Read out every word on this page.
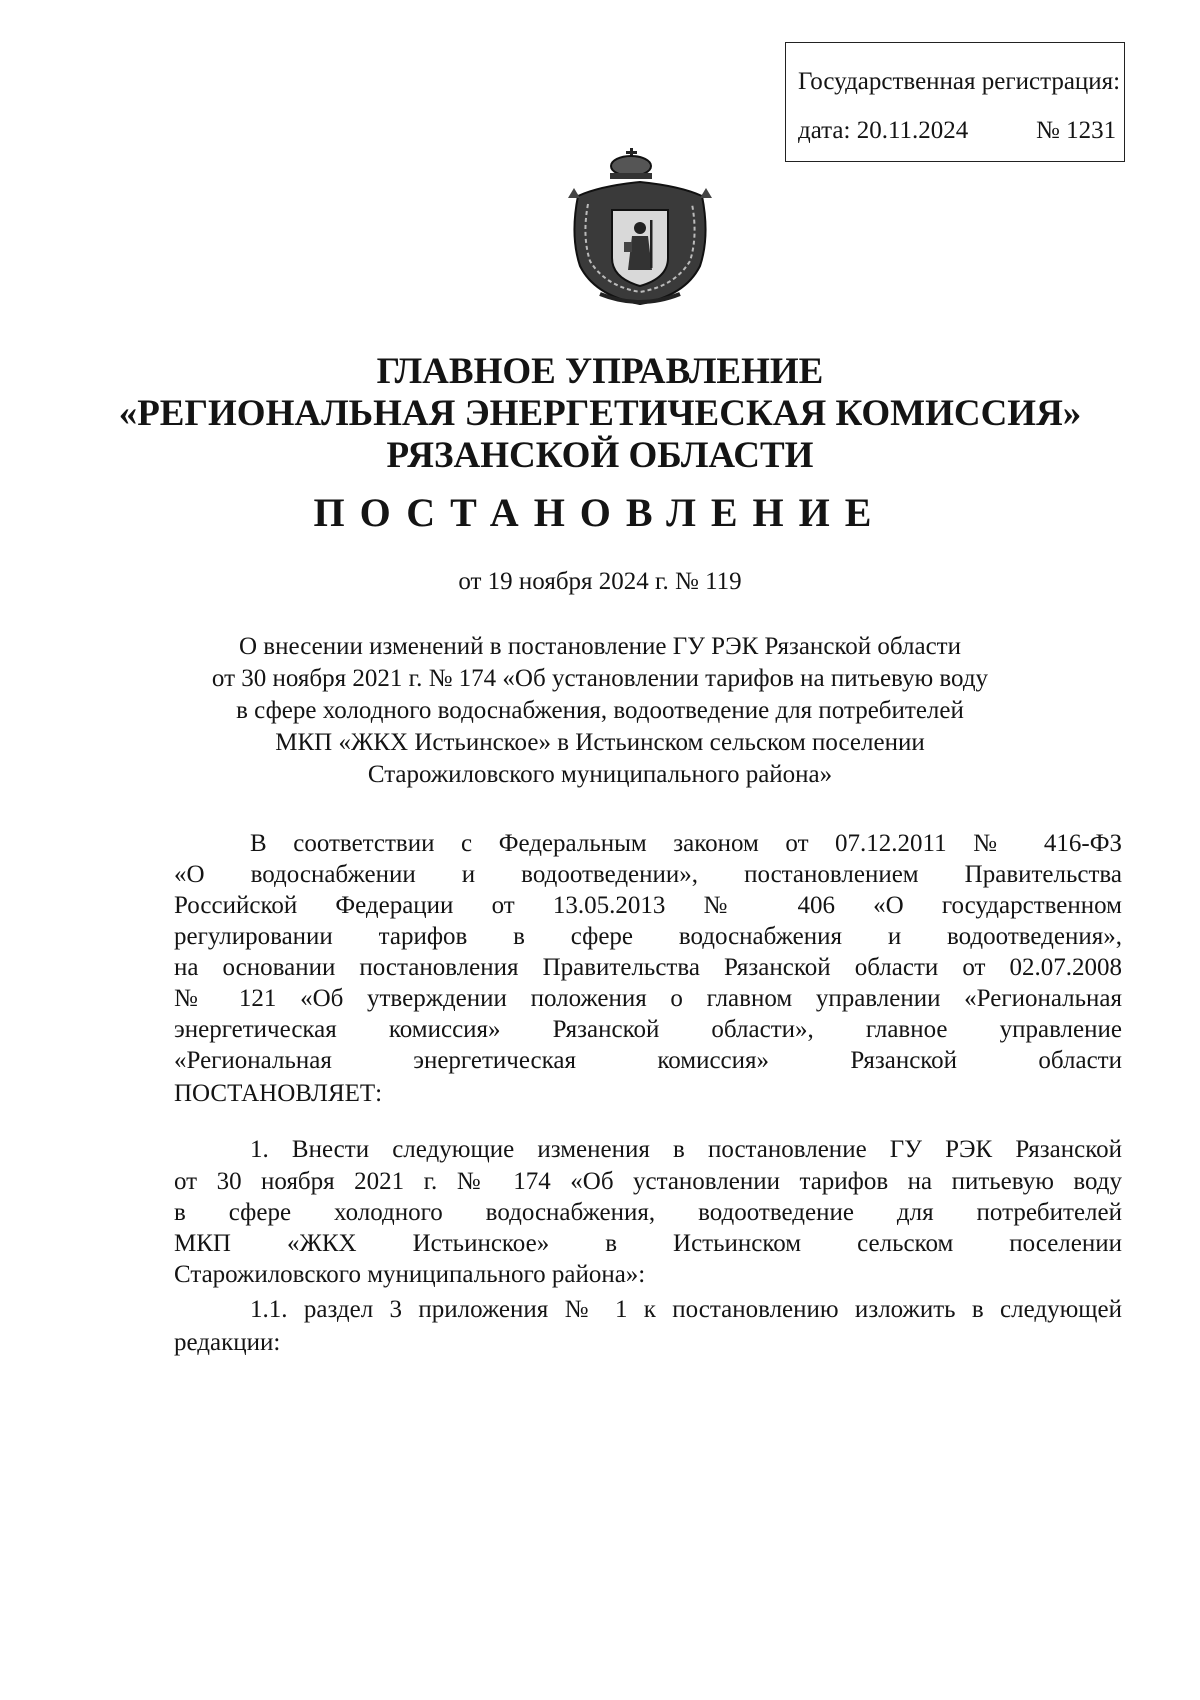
Государственная регистрация:
дата: 20.11.2024	№ 1231
ГЛАВНОЕ УПРАВЛЕНИЕ
«РЕГИОНАЛЬНАЯ ЭНЕРГЕТИЧЕСКАЯ КОМИССИЯ»
РЯЗАНСКОЙ ОБЛАСТИ
ПОСТАНОВЛЕНИЕ
от 19 ноября 2024 г. № 119
О внесении изменений в постановление ГУ РЭК Рязанской области
от 30 ноября 2021 г. № 174 «Об установлении тарифов на питьевую воду
в сфере холодного водоснабжения, водоотведение для потребителей
МКП «ЖКХ Истьинское» в Истьинском сельском поселении
Старожиловского муниципального района»
В соответствии с Федеральным законом от 07.12.2011 № 416-ФЗ
«О водоснабжении и водоотведении», постановлением Правительства
Российской Федерации от 13.05.2013 № 406 «О государственном
регулировании тарифов в сфере водоснабжения и водоотведения»,
на основании постановления Правительства Рязанской области от 02.07.2008
№ 121 «Об утверждении положения о главном управлении «Региональная
энергетическая комиссия» Рязанской области», главное управление
«Региональная энергетическая комиссия» Рязанской области
ПОСТАНОВЛЯЕТ:
1. Внести следующие изменения в постановление ГУ РЭК Рязанской
от 30 ноября 2021 г. № 174 «Об установлении тарифов на питьевую воду
в сфере холодного водоснабжения, водоотведение для потребителей
МКП «ЖКХ Истьинское» в Истьинском сельском поселении
Старожиловского муниципального района»:
1.1. раздел 3 приложения № 1 к постановлению изложить в следующей
редакции:
